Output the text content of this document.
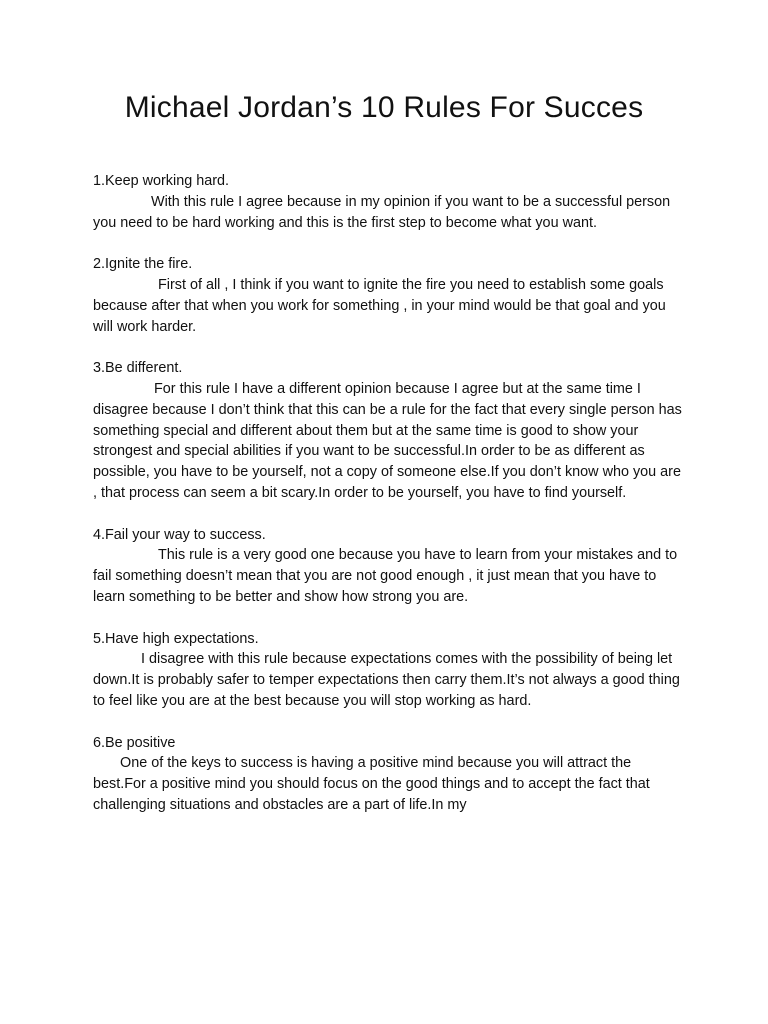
Michael Jordan’s 10 Rules For Succes

1.Keep working hard.

With this rule I agree because in my opinion if you want to be a successful person you need to be hard working and this is the first step to become what you want.

2.Ignite the fire.

First of all , I think if you want to ignite the fire you need to establish some goals because after that when you work for something , in your mind would be that goal and you will work harder.

3.Be different.

For this rule I have a different opinion because I agree but at the same time I disagree because I don’t think that this can be a rule for the fact that every single person has something special and different about them but at the same time is good to show your strongest and special abilities if you want to be successful.In order to be as different as possible, you have to be yourself, not a copy of someone else.If you don’t know who you are , that process can seem a bit scary.In order to be yourself, you have to find yourself.

4.Fail your way to success.

This rule is a very good one because you have to learn from your mistakes and to fail something doesn’t mean that you are not good enough , it just mean that you have to learn something to be better and show how strong you are.

5.Have high expectations.

I disagree with this rule because expectations comes with the possibility of being let down.It is probably safer to temper expectations then carry them.It’s not always a good thing to feel like you are at the best because you will stop working as hard.

6.Be positive

One of the keys to success is having a positive mind because you will attract the best.For a positive mind you should focus on the good things and to accept the fact that challenging situations and obstacles are a part of life.In my
